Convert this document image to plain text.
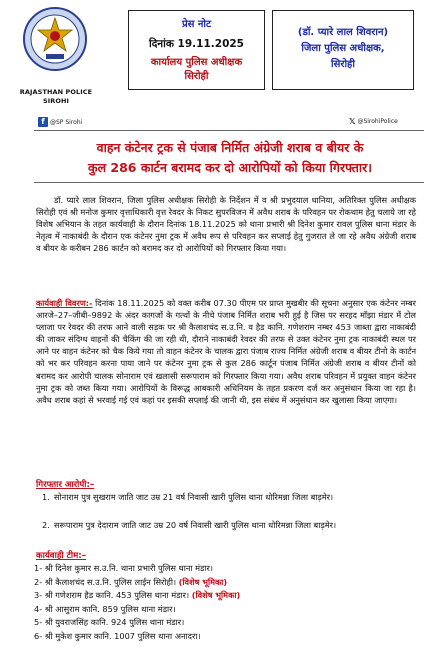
RAJASTHAN POLICE
SIROHI
प्रेस नोट
दिनांक 19.11.2025
कार्यालय पुलिस अधीक्षक
सिरोही
(डॉ. प्यारे लाल शिवरान)
जिला पुलिस अधीक्षक,
सिरोही
f @SP Sirohi	𝕏 @SirohiPolice
वाहन कंटेनर ट्रक से पंजाब निर्मित अंग्रेजी शराब व बीयर के
कुल 286 कार्टन बरामद कर दो आरोपियों को किया गिरफ्तार।

डॉ. प्यारे लाल शिवरान, जिला पुलिस अधीक्षक सिरोही के निर्देशन में व श्री प्रभुदयाल धानिया, अतिरिक्त पुलिस अधीक्षक सिरोही एवं श्री मनोज कुमार वृत्ताधिकारी वृत्त रेवदर के निकट सुपरविजन में अवैध शराब के परिवहन पर रोकथाम हेतु चलाये जा रहे विशेष अभियान के तहत कार्यवाही के दौरान दिनांक 18.11.2025 को थाना प्रभारी श्री दिनेश कुमार रावल पुलिस थाना मंडार के नेतृत्व में नाकाबंदी के दौरान एक कंटेनर नुमा ट्रक में अवैध रूप से परिवहन कर सप्लाई हेतु गुजरात ले जा रहे अवैध अंग्रेजी शराब व बीयर के करीबन 286 कार्टन को बरामद कर दो आरोपियों को गिरफ्तार किया गया।

कार्यवाही विवरण:- दिनांक 18.11.2025 को वक्त करीब 07.30 पीएम पर प्राप्त मुखबीर की सूचना अनुसार एक कंटेनर नम्बर आरजे–27–जीबी–9892 के अंदर कागजों के गत्थों के नीचे पंजाब निर्मित शराब भरी हुई है जिस पर सरहद माँझा मंडार में टोल प्लाजा पर रेवदर की तरफ आने वाली सड़क पर श्री कैलाशचंद स.उ.नि. व हैड कानि. गणेशराम नम्बर 453 जाब्ता द्वारा नाकाबंदी की जाकर संदिग्ध वाहनों की चैकिंग की जा रही थी, दौराने नाकाबंदी रेवदर की तरफ से उक्त कंटेनर नुमा ट्रक नाकाबंदी स्थल पर आने पर वाहन कंटेनर को चैक किये गया तो वाहन कंटेनर के चालक द्वारा पंजाब राज्य निर्मित अंग्रेजी शराब व बीयर टीनो के कार्टन को भर कर परिवहन करना पाया जाने पर कंटेनर नुमा ट्रक से कुल 286 कार्टून पंजाब निर्मित अंग्रेजी शराब व बीयर टीनों को बरामद कर आरोपी चालक सोनाराम एवं खलासी सरूपाराम को गिरफ्तार किया गया। अवैध शराब परिवहन में प्रयुक्त वाहन कंटेनर नुमा ट्रक को जब्त किया गया। आरोपियों के विरूद्ध आबकारी अधिनियम के तहत प्रकरण दर्ज कर अनुसंधान किया जा रहा है। अवैध शराब कहां से भरवाई गई एवं कहां पर इसकी सप्लाई की जानी थी, इस संबंध में अनुसंधान कर खुलासा किया जाएगा।

गिरफ्तार आरोपी:–
1. सोनाराम पुत्र सुखराम जाति जाट उम्र 21 वर्ष निवासी खारी पुलिस थाना धोरिमन्ना जिला बाड़मेर।
2. सरूपाराम पुत्र देदाराम जाति जाट उम्र 20 वर्ष निवासी खारी पुलिस थाना धोरिमन्ना जिला बाड़मेर।
कार्यवाही टीम:–
1- श्री दिनेश कुमार स.उ.नि. थाना प्रभारी पुलिस थाना मंडार।
2- श्री कैलाशचंद स.उ.नि. पुलिस लाईन सिरोही। (विशेष भूमिका)
3- श्री गणेशराम हैड कानि. 453 पुलिस थाना मंडार। (विशेष भूमिका)
4- श्री आसुराम कानि. 859 पुलिस थाना मंडार।
5- श्री युवराजसिंह कानि. 924 पुलिस थाना मंडार।
6- श्री मुकेश कुमार कानि. 1007 पुलिस थाना अनादरा।
